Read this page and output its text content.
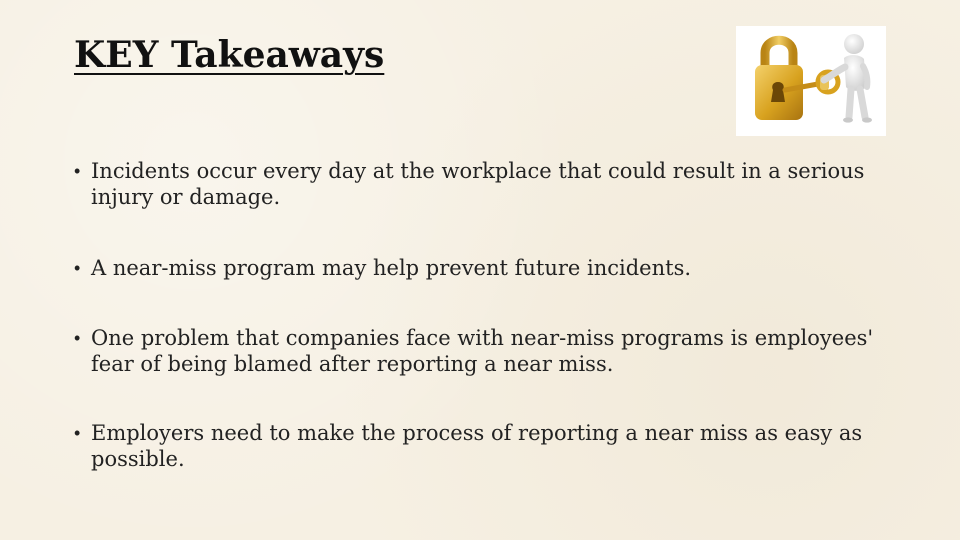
KEY Takeaways
• Incidents occur every day at the workplace that could result in a serious injury or damage.
• A near-miss program may help prevent future incidents.
• One problem that companies face with near-miss programs is employees' fear of being blamed after reporting a near miss.
• Employers need to make the process of reporting a near miss as easy as possible.
